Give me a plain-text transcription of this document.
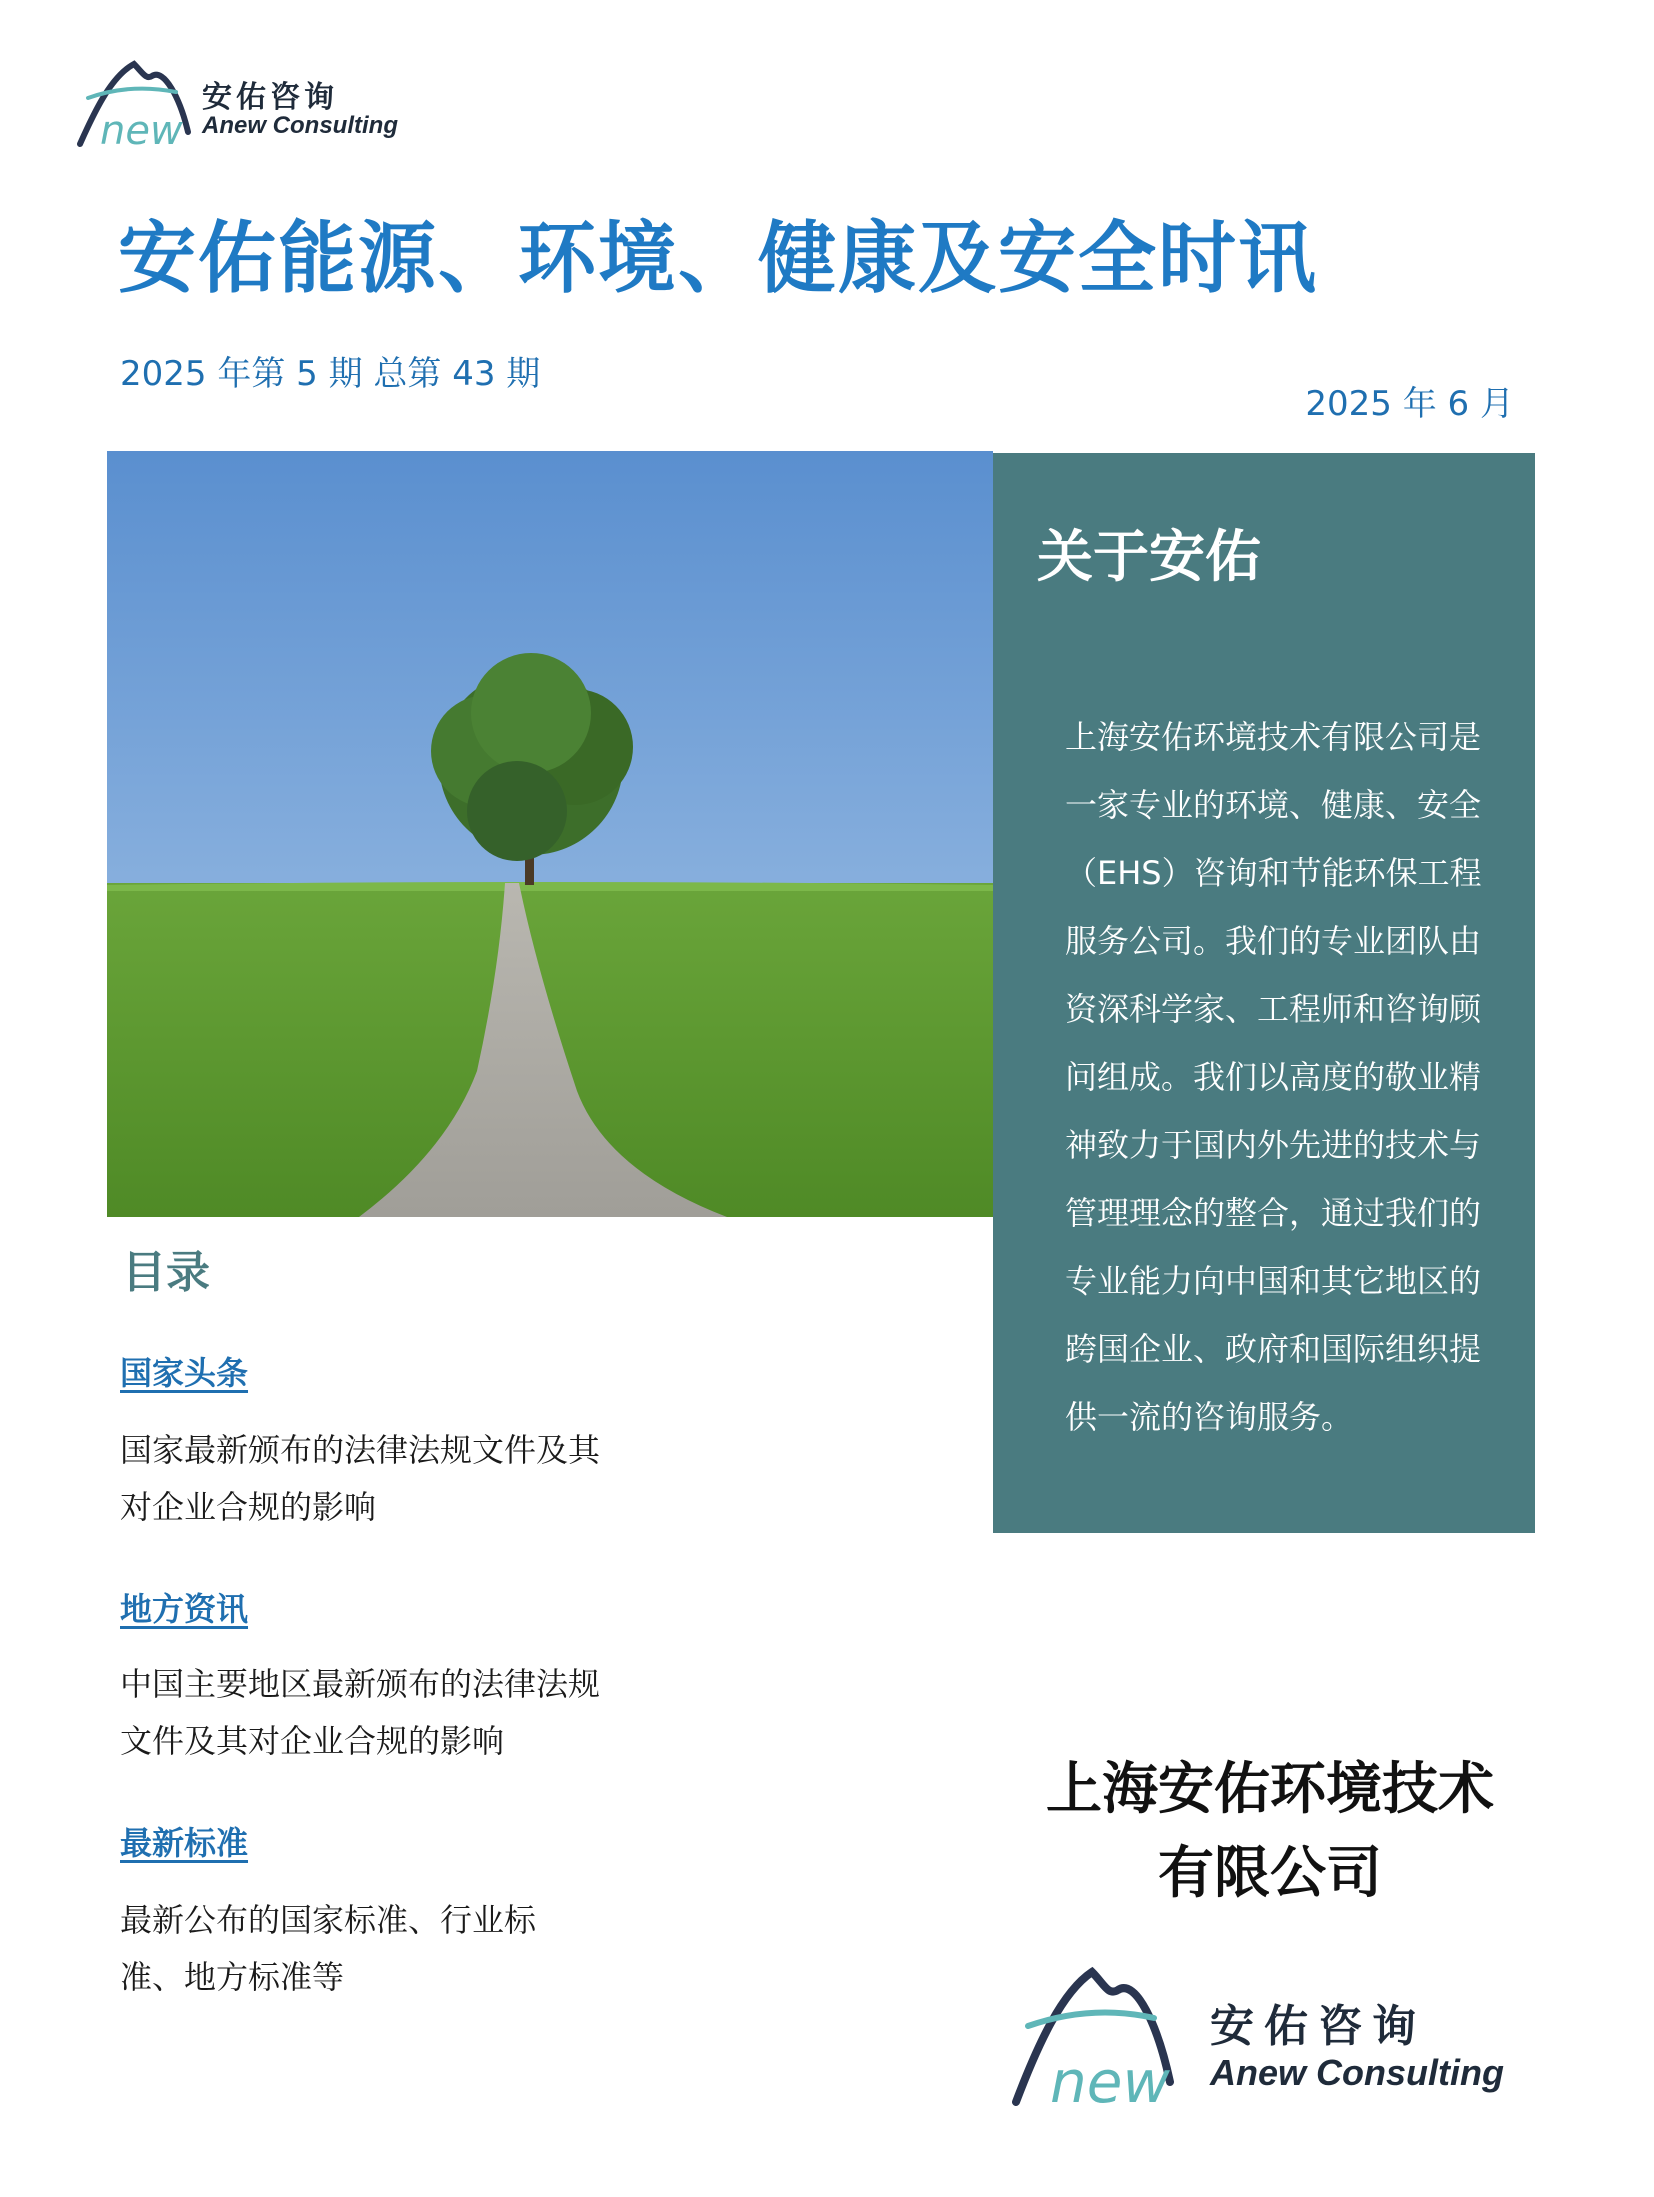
new
安佑咨询
Anew Consulting
安佑能源、环境、健康及安全时讯
2025 年第 5 期 总第 43 期
2025 年 6 月
关于安佑
上海安佑环境技术有限公司是一家专业的环境、健康、安全（EHS）咨询和节能环保工程服务公司。我们的专业团队由资深科学家、工程师和咨询顾问组成。我们以高度的敬业精神致力于国内外先进的技术与管理理念的整合，通过我们的专业能力向中国和其它地区的跨国企业、政府和国际组织提供一流的咨询服务。
目录
国家头条
国家最新颁布的法律法规文件及其对企业合规的影响
地方资讯
中国主要地区最新颁布的法律法规文件及其对企业合规的影响
最新标准
最新公布的国家标准、行业标准、地方标准等
上海安佑环境技术
有限公司
new
安佑咨询
Anew Consulting
